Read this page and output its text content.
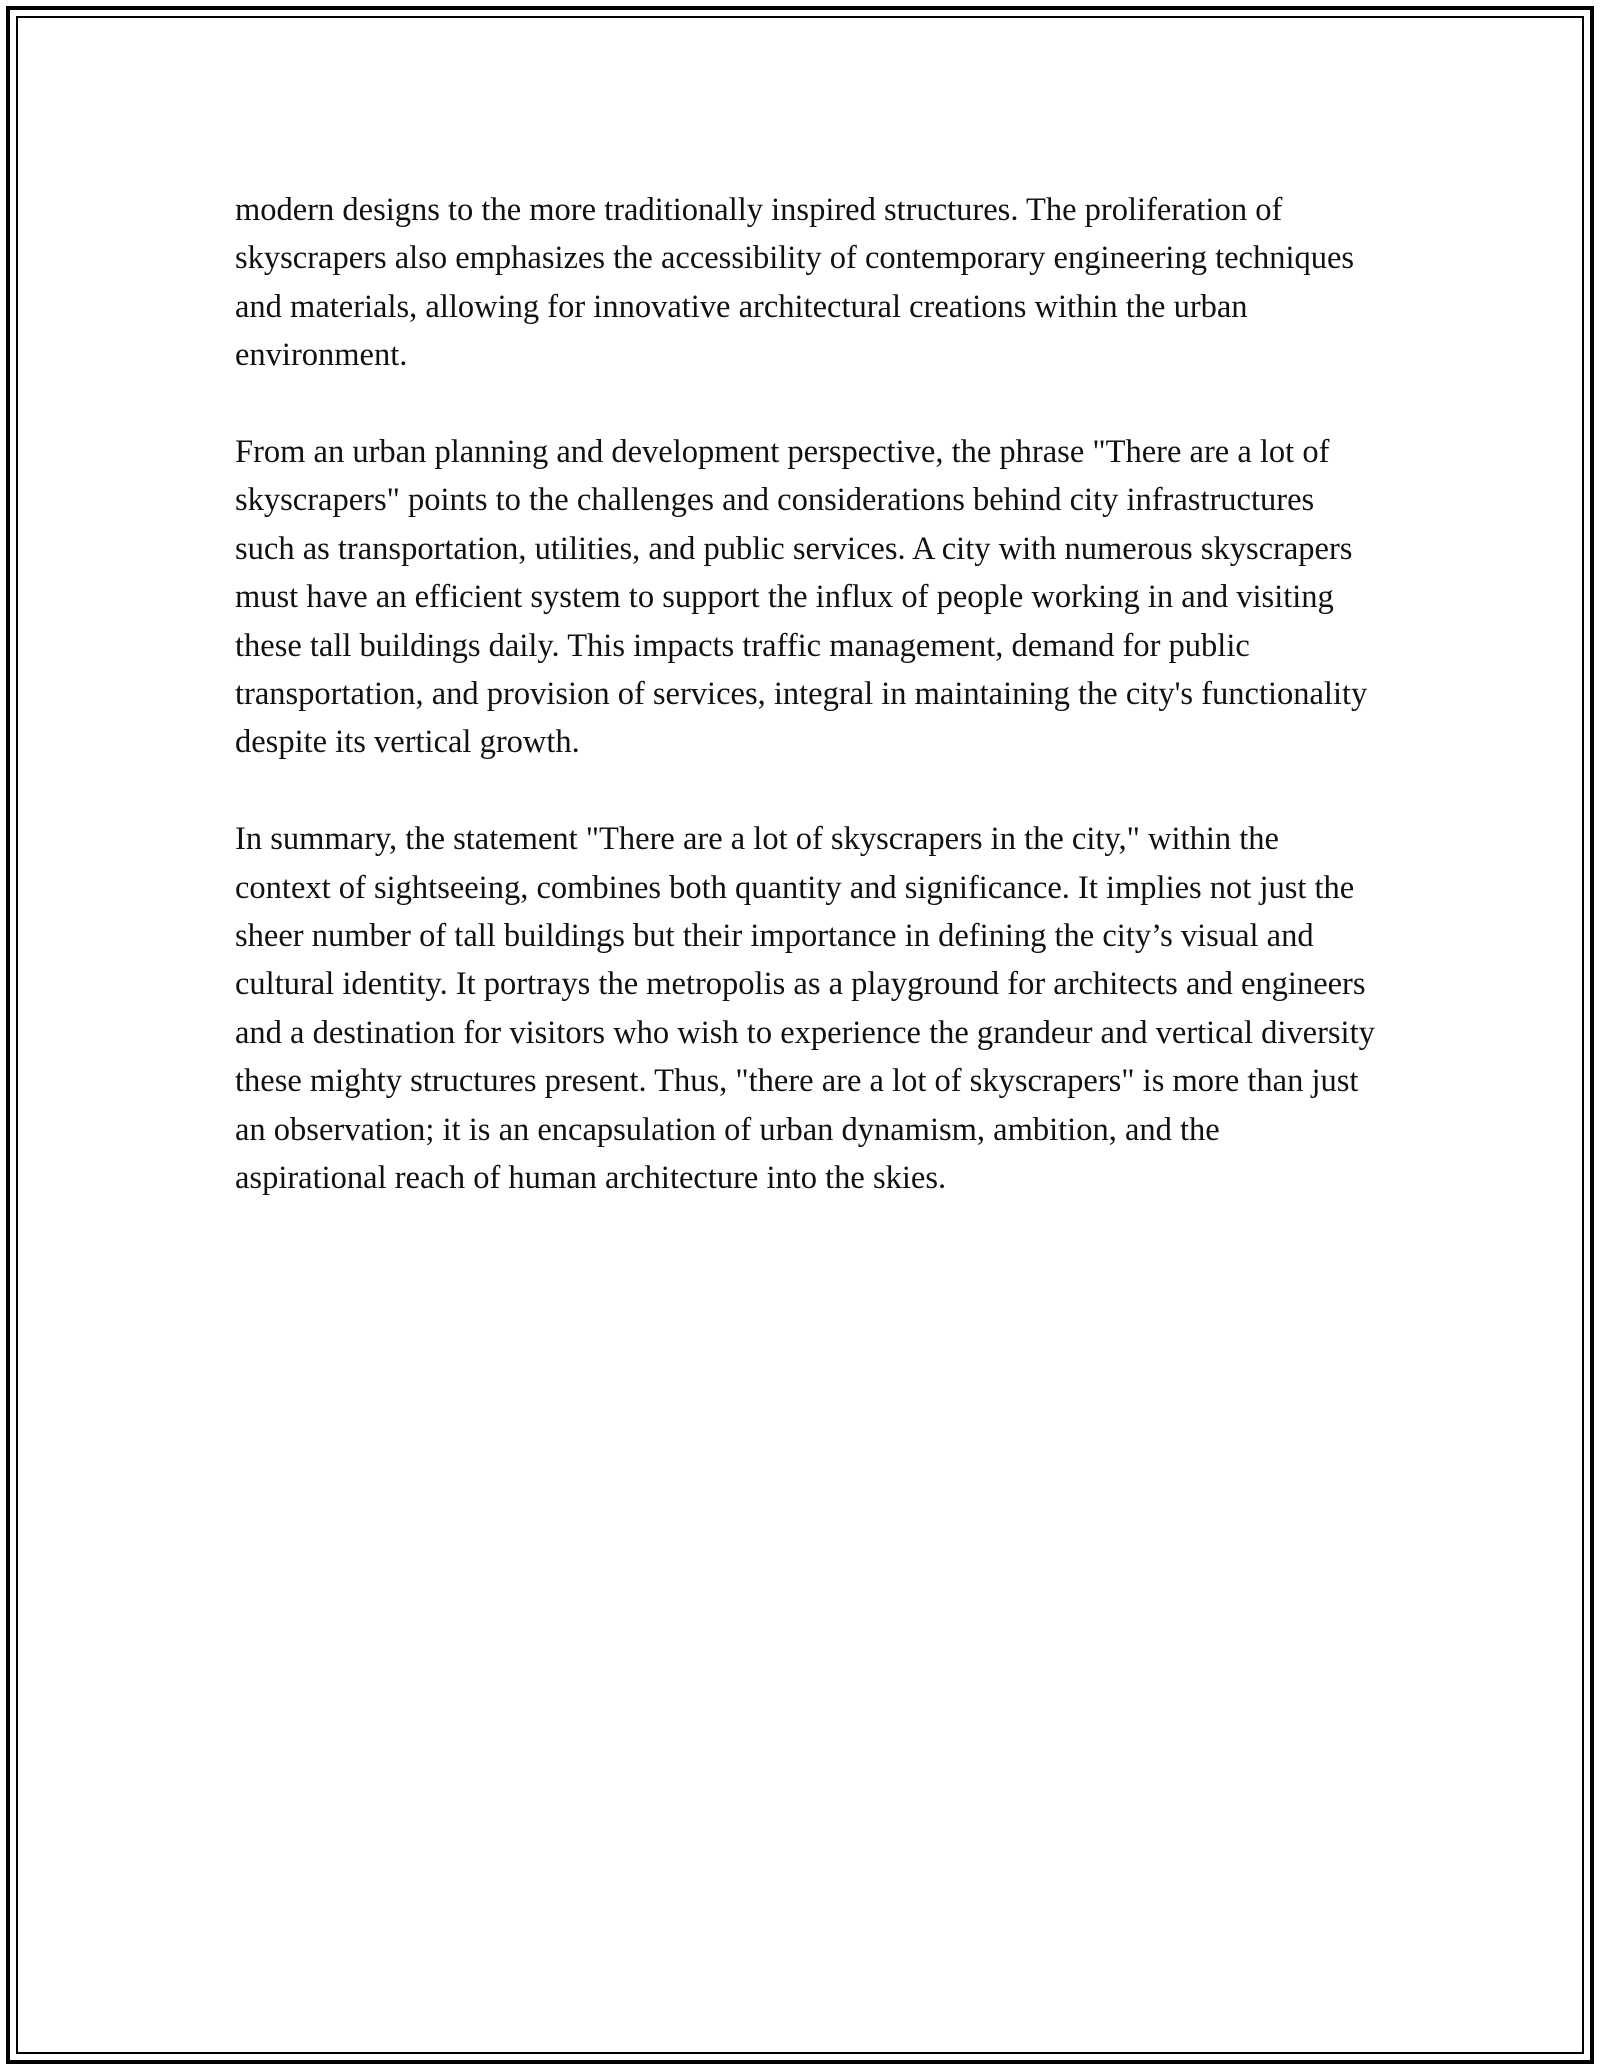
modern designs to the more traditionally inspired structures. The proliferation of skyscrapers also emphasizes the accessibility of contemporary engineering techniques and materials, allowing for innovative architectural creations within the urban environment.

From an urban planning and development perspective, the phrase "There are a lot of skyscrapers" points to the challenges and considerations behind city infrastructures such as transportation, utilities, and public services. A city with numerous skyscrapers must have an efficient system to support the influx of people working in and visiting these tall buildings daily. This impacts traffic management, demand for public transportation, and provision of services, integral in maintaining the city's functionality despite its vertical growth.

In summary, the statement "There are a lot of skyscrapers in the city," within the context of sightseeing, combines both quantity and significance. It implies not just the sheer number of tall buildings but their importance in defining the city’s visual and cultural identity. It portrays the metropolis as a playground for architects and engineers and a destination for visitors who wish to experience the grandeur and vertical diversity these mighty structures present. Thus, "there are a lot of skyscrapers" is more than just an observation; it is an encapsulation of urban dynamism, ambition, and the aspirational reach of human architecture into the skies.
